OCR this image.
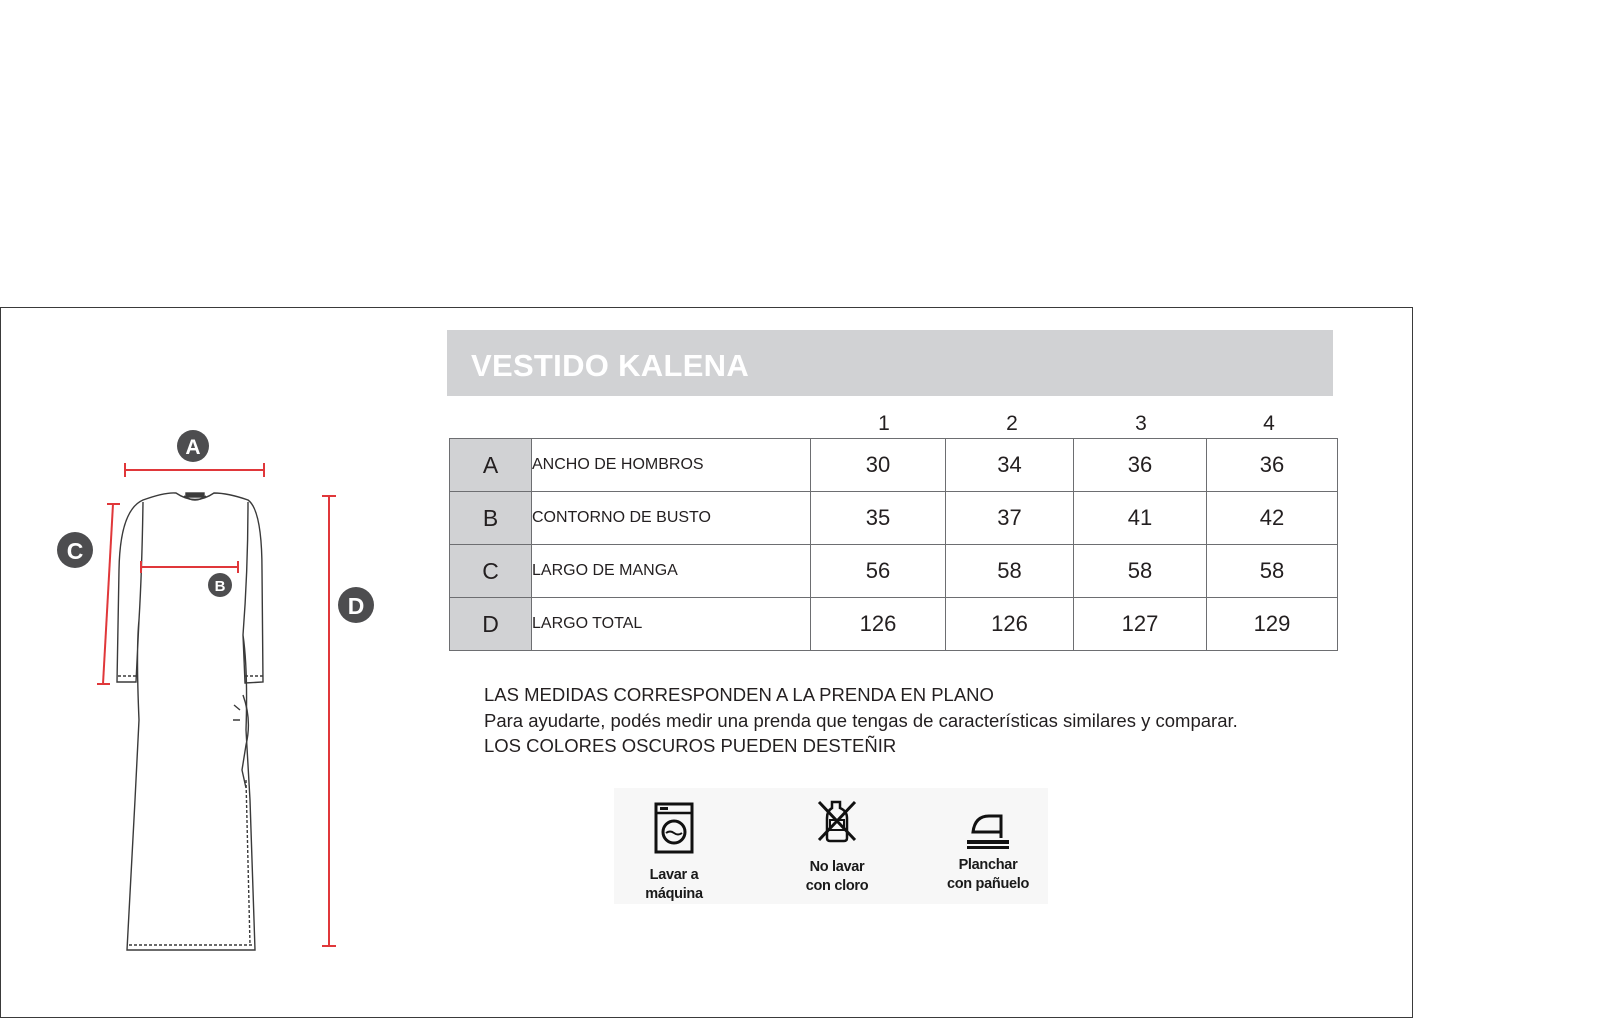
A
B
C
D
VESTIDO KALENA
1	2	3	4
A	ANCHO DE HOMBROS	30	34	36	36
B	CONTORNO DE BUSTO	35	37	41	42
C	LARGO DE MANGA	56	58	58	58
D	LARGO TOTAL	126	126	127	129
LAS MEDIDAS CORRESPONDEN A LA PRENDA EN PLANO
Para ayudarte, podés medir una prenda que tengas de características similares y comparar.
LOS COLORES OSCUROS PUEDEN DESTEÑIR
Lavar a
máquina
No lavar
con cloro
Planchar
con pañuelo
